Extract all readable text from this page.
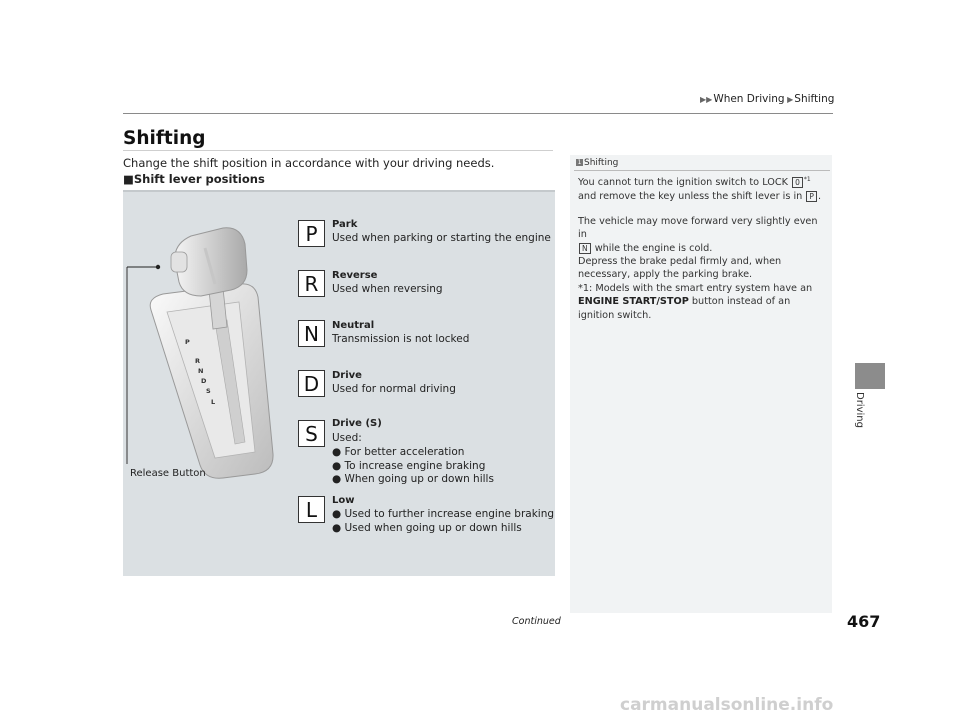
▶▶When Driving ▶Shifting
Shifting
Change the shift position in accordance with your driving needs.
■Shift lever positions
P
R
N
D
S
L
Release Button
P	Park
Used when parking or starting the engine
R	Reverse
Used when reversing
N	Neutral
Transmission is not locked
D	Drive
Used for normal driving
S	Drive (S)
Used:
● For better acceleration
● To increase engine braking
● When going up or down hills
L	Low
● Used to further increase engine braking
● Used when going up or down hills
1 Shifting
You cannot turn the ignition switch to LOCK 0 $^{*1}$
and remove the key unless the shift lever is in P .
The vehicle may move forward very slightly even in
N while the engine is cold.
Depress the brake pedal firmly and, when necessary, apply the parking brake.
*1: Models with the smart entry system have an
ENGINE START/STOP button instead of an ignition switch.
Driving
Continued	467
carmanualsonline.info
